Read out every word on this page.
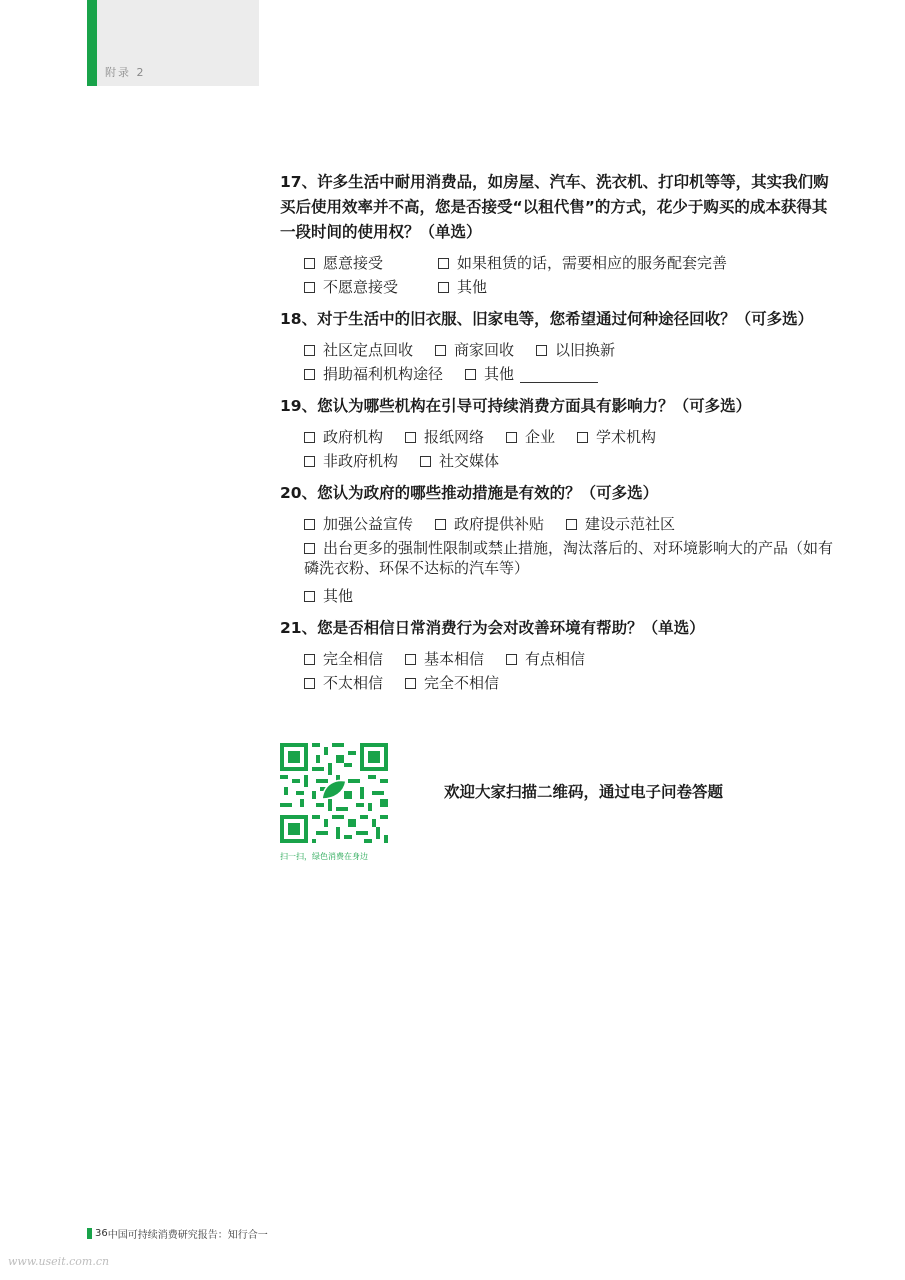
附录 2

17、许多生活中耐用消费品，如房屋、汽车、洗衣机、打印机等等，其实我们购买后使用效率并不高，您是否接受“以租代售”的方式，花少于购买的成本获得其一段时间的使用权？（单选）

愿意接受	如果租赁的话，需要相应的服务配套完善
不愿意接受	其他

18、对于生活中的旧衣服、旧家电等，您希望通过何种途径回收？（可多选）

社区定点回收	商家回收	以旧换新
捐助福利机构途径	其他

19、您认为哪些机构在引导可持续消费方面具有影响力？（可多选）

政府机构	报纸网络	企业	学术机构
非政府机构	社交媒体

20、您认为政府的哪些推动措施是有效的？（可多选）

加强公益宣传	政府提供补贴	建设示范社区
出台更多的强制性限制或禁止措施，淘汰落后的、对环境影响大的产品（如有磷洗衣粉、环保不达标的汽车等）
其他

21、您是否相信日常消费行为会对改善环境有帮助？（单选）

完全相信	基本相信	有点相信
不太相信	完全不相信
扫一扫，绿色消费在身边
欢迎大家扫描二维码，通过电子问卷答题
36 中国可持续消费研究报告：知行合一
www.useit.com.cn
